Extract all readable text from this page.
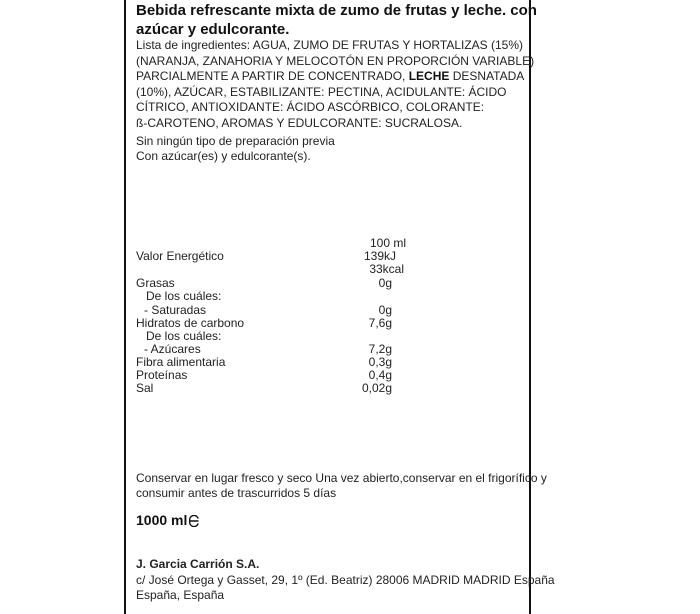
Bebida refrescante mixta de zumo de frutas y leche. con
azúcar y edulcorante.
Lista de ingredientes: AGUA, ZUMO DE FRUTAS Y HORTALIZAS (15%)
(NARANJA, ZANAHORIA Y MELOCOTÓN EN PROPORCIÓN VARIABLE)
PARCIALMENTE A PARTIR DE CONCENTRADO, LECHE DESNATADA
(10%), AZÚCAR, ESTABILIZANTE: PECTINA, ACIDULANTE: ÁCIDO
CÍTRICO, ANTIOXIDANTE: ÁCIDO ASCÓRBICO, COLORANTE:
ß-CAROTENO, AROMAS Y EDULCORANTE: SUCRALOSA.
Sin ningún tipo de preparación previa
Con azúcar(es) y edulcorante(s).
100 ml
Valor Energético	139kJ
33kcal
Grasas	0g
De los cuáles:
- Saturadas	0g
Hidratos de carbono	7,6g
De los cuáles:
- Azúcares	7,2g
Fibra alimentaria	0,3g
Proteínas	0,4g
Sal	0,02g
Conservar en lugar fresco y seco Una vez abierto,conservar en el frigorífico y
consumir antes de trascurridos 5 días
1000 ml
J. Garcia Carrión S.A.
c/ José Ortega y Gasset, 29, 1º (Ed. Beatriz) 28006 MADRID MADRID España
España, España
